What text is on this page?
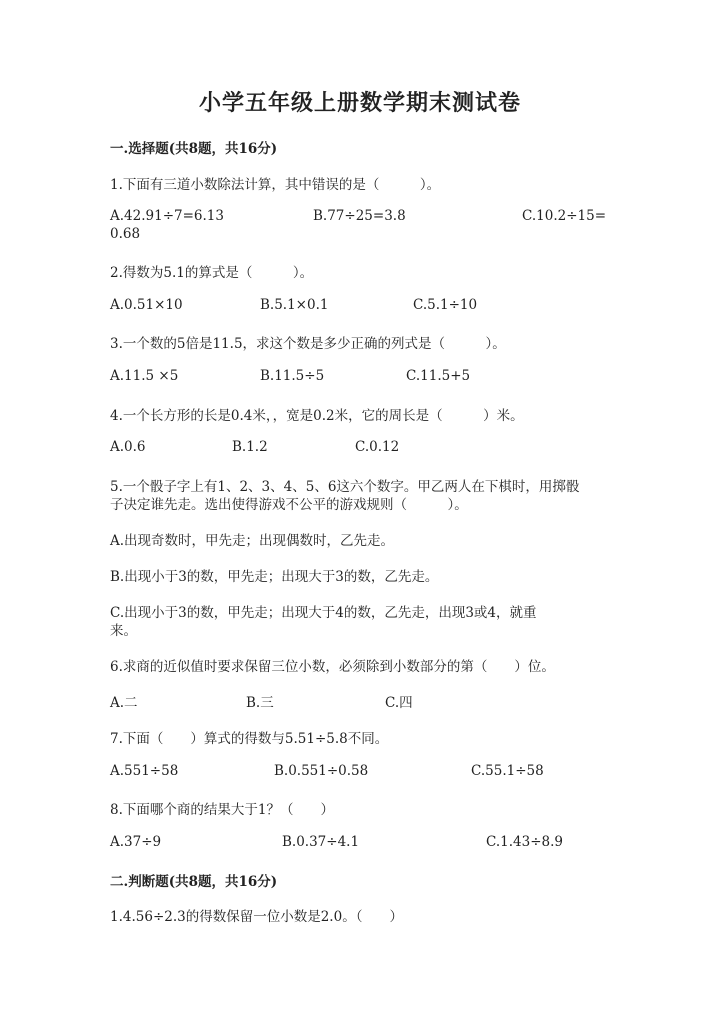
小学五年级上册数学期末测试卷
一.选择题(共8题，共16分)
1.下面有三道小数除法计算，其中错误的是（　　　）。
A.42.91÷7=6.13	B.77÷25=3.8	C.10.2÷15=
0.68
2.得数为5.1的算式是（　　　）。
A.0.51×10	B.5.1×0.1	C.5.1÷10
3.一个数的5倍是11.5，求这个数是多少正确的列式是（　　　）。
A.11.5 ×5	B.11.5÷5	C.11.5+5
4.一个长方形的长是0.4米，，宽是0.2米，它的周长是（　　　）米。
A.0.6	B.1.2	C.0.12
5.一个骰子字上有1、2、3、4、5、6这六个数字。甲乙两人在下棋时，用掷骰
子决定谁先走。选出使得游戏不公平的游戏规则（　　　）。
A.出现奇数时，甲先走；出现偶数时，乙先走。
B.出现小于3的数，甲先走；出现大于3的数，乙先走。
C.出现小于3的数，甲先走；出现大于4的数，乙先走，出现3或4，就重
来。
6.求商的近似值时要求保留三位小数，必须除到小数部分的第（　　）位。
A.二	B.三	C.四
7.下面（　　）算式的得数与5.51÷5.8不同。
A.551÷58	B.0.551÷0.58	C.55.1÷58
8.下面哪个商的结果大于1？（　　）
A.37÷9	B.0.37÷4.1	C.1.43÷8.9
二.判断题(共8题，共16分)
1.4.56÷2.3的得数保留一位小数是2.0。（　　）
